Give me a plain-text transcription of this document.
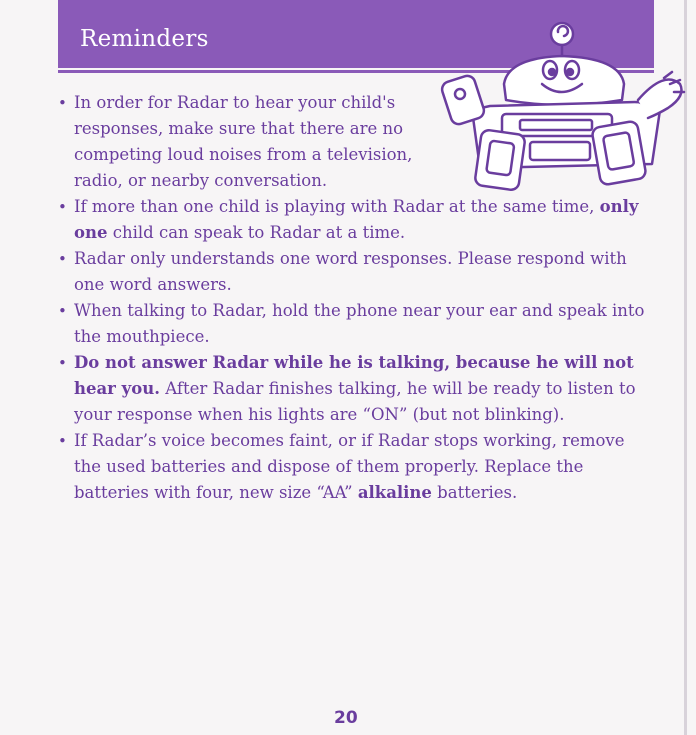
Reminders
• In order for Radar to hear your child's responses, make sure that there are no competing loud noises from a television, radio, or nearby conversation.
• If more than one child is playing with Radar at the same time, only one child can speak to Radar at a time.
• Radar only understands one word responses. Please respond with one word answers.
• When talking to Radar, hold the phone near your ear and speak into the mouthpiece.
• Do not answer Radar while he is talking, because he will not hear you. After Radar finishes talking, he will be ready to listen to your response when his lights are “ON” (but not blinking).
• If Radar’s voice becomes faint, or if Radar stops working, remove the used batteries and dispose of them properly. Replace the batteries with four, new size “AA” alkaline batteries.
20
